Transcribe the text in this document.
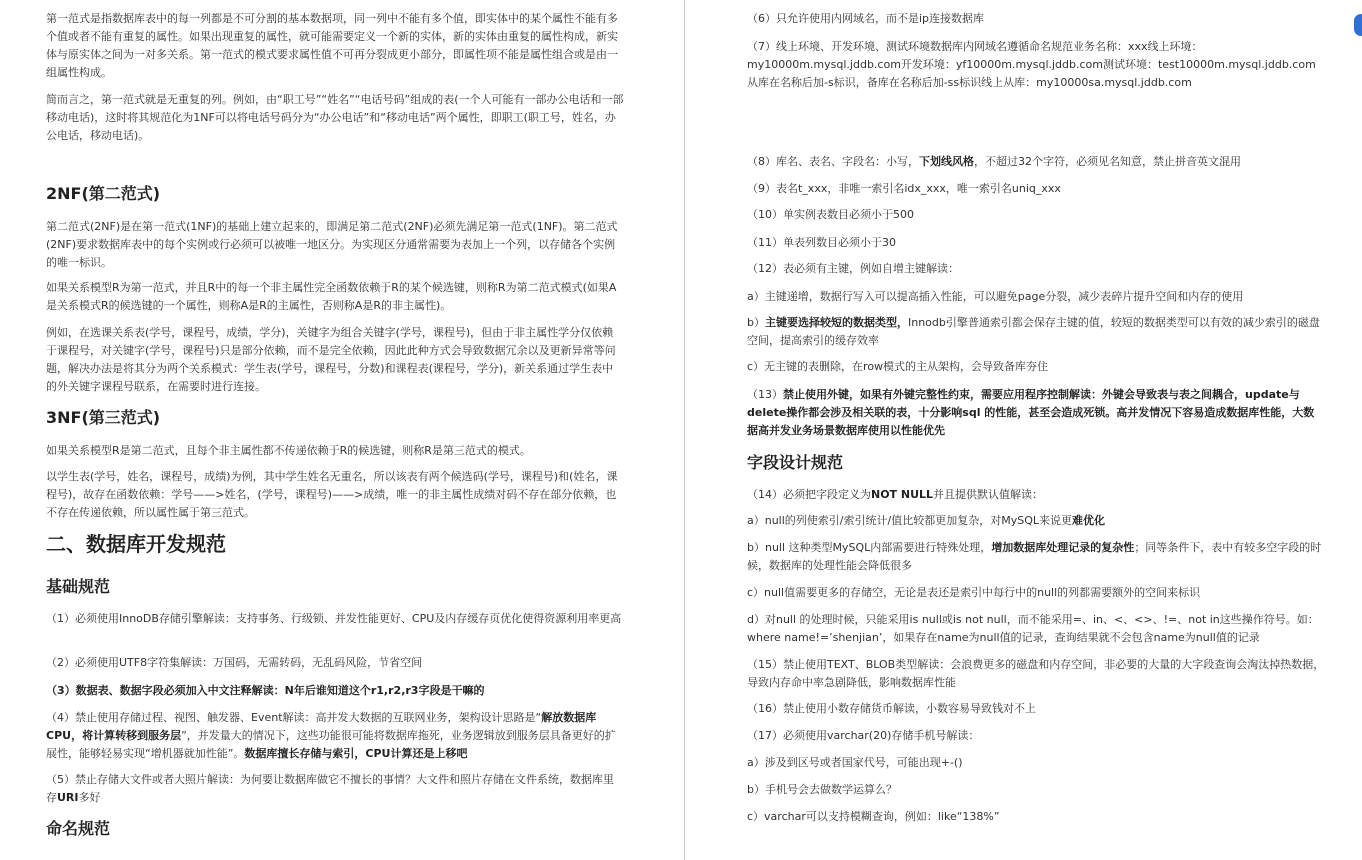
第一范式是指数据库表中的每一列都是不可分割的基本数据项，同一列中不能有多个值，即实体中的某个属性不能有多个值或者不能有重复的属性。如果出现重复的属性，就可能需要定义一个新的实体，新的实体由重复的属性构成，新实体与原实体之间为一对多关系。第一范式的模式要求属性值不可再分裂成更小部分，即属性项不能是属性组合或是由一组属性构成。

简而言之，第一范式就是无重复的列。例如，由“职工号”“姓名”“电话号码”组成的表(一个人可能有一部办公电话和一部移动电话)，这时将其规范化为1NF可以将电话号码分为“办公电话”和“移动电话”两个属性，即职工(职工号，姓名，办公电话，移动电话)。

2NF(第二范式)

第二范式(2NF)是在第一范式(1NF)的基础上建立起来的，即满足第二范式(2NF)必须先满足第一范式(1NF)。第二范式(2NF)要求数据库表中的每个实例或行必须可以被唯一地区分。为实现区分通常需要为表加上一个列，以存储各个实例的唯一标识。

如果关系模型R为第一范式，并且R中的每一个非主属性完全函数依赖于R的某个候选键，则称R为第二范式模式(如果A是关系模式R的候选键的一个属性，则称A是R的主属性，否则称A是R的非主属性)。

例如，在选课关系表(学号，课程号，成绩，学分)，关键字为组合关键字(学号，课程号)，但由于非主属性学分仅依赖于课程号，对关键字(学号，课程号)只是部分依赖，而不是完全依赖，因此此种方式会导致数据冗余以及更新异常等问题，解决办法是将其分为两个关系模式：学生表(学号，课程号，分数)和课程表(课程号，学分)，新关系通过学生表中的外关键字课程号联系，在需要时进行连接。

3NF(第三范式)

如果关系模型R是第二范式，且每个非主属性都不传递依赖于R的候选键，则称R是第三范式的模式。

以学生表(学号，姓名，课程号，成绩)为例，其中学生姓名无重名，所以该表有两个候选码(学号，课程号)和(姓名，课程号)，故存在函数依赖：学号——>姓名，(学号，课程号)——>成绩，唯一的非主属性成绩对码不存在部分依赖，也不存在传递依赖，所以属性属于第三范式。

二、数据库开发规范
基础规范

（1）必须使用InnoDB存储引擎解读：支持事务、行级锁、并发性能更好、CPU及内存缓存页优化使得资源利用率更高

（2）必须使用UTF8字符集解读：万国码，无需转码，无乱码风险，节省空间

（3）数据表、数据字段必须加入中文注释解读：N年后谁知道这个r1,r2,r3字段是干嘛的

（4）禁止使用存储过程、视图、触发器、Event解读：高并发大数据的互联网业务，架构设计思路是“解放数据库CPU，将计算转移到服务层”，并发量大的情况下，这些功能很可能将数据库拖死，业务逻辑放到服务层具备更好的扩展性，能够轻易实现“增机器就加性能”。数据库擅长存储与索引，CPU计算还是上移吧

（5）禁止存储大文件或者大照片解读：为何要让数据库做它不擅长的事情？大文件和照片存储在文件系统，数据库里存URI多好

命名规范

（6）只允许使用内网域名，而不是ip连接数据库

（7）线上环境、开发环境、测试环境数据库内网域名遵循命名规范业务名称：xxx线上环境：my10000m.mysql.jddb.com开发环境：yf10000m.mysql.jddb.com测试环境：test10000m.mysql.jddb.com从库在名称后加-s标识，备库在名称后加-ss标识线上从库：my10000sa.mysql.jddb.com

（8）库名、表名、字段名：小写，下划线风格，不超过32个字符，必须见名知意，禁止拼音英文混用

（9）表名t_xxx，非唯一索引名idx_xxx，唯一索引名uniq_xxx

（10）单实例表数目必须小于500

（11）单表列数目必须小于30

（12）表必须有主键，例如自增主键解读：

a）主键递增，数据行写入可以提高插入性能，可以避免page分裂，减少表碎片提升空间和内存的使用

b）主键要选择较短的数据类型，Innodb引擎普通索引都会保存主键的值，较短的数据类型可以有效的减少索引的磁盘空间，提高索引的缓存效率

c）无主键的表删除，在row模式的主从架构，会导致备库夯住

（13）禁止使用外键，如果有外键完整性约束，需要应用程序控制解读：外键会导致表与表之间耦合，update与delete操作都会涉及相关联的表，十分影响sql 的性能，甚至会造成死锁。高并发情况下容易造成数据库性能，大数据高并发业务场景数据库使用以性能优先

字段设计规范

（14）必须把字段定义为NOT NULL并且提供默认值解读：

a）null的列使索引/索引统计/值比较都更加复杂，对MySQL来说更难优化

b）null 这种类型MySQL内部需要进行特殊处理，增加数据库处理记录的复杂性；同等条件下，表中有较多空字段的时候，数据库的处理性能会降低很多

c）null值需要更多的存储空，无论是表还是索引中每行中的null的列都需要额外的空间来标识

d）对null 的处理时候，只能采用is null或is not null，而不能采用=、in、<、<>、!=、not in这些操作符号。如：where name!=’shenjian’，如果存在name为null值的记录，查询结果就不会包含name为null值的记录

（15）禁止使用TEXT、BLOB类型解读：会浪费更多的磁盘和内存空间，非必要的大量的大字段查询会淘汰掉热数据，导致内存命中率急剧降低，影响数据库性能

（16）禁止使用小数存储货币解读，小数容易导致钱对不上

（17）必须使用varchar(20)存储手机号解读：

a）涉及到区号或者国家代号，可能出现+-()

b）手机号会去做数学运算么？

c）varchar可以支持模糊查询，例如：like“138%”
